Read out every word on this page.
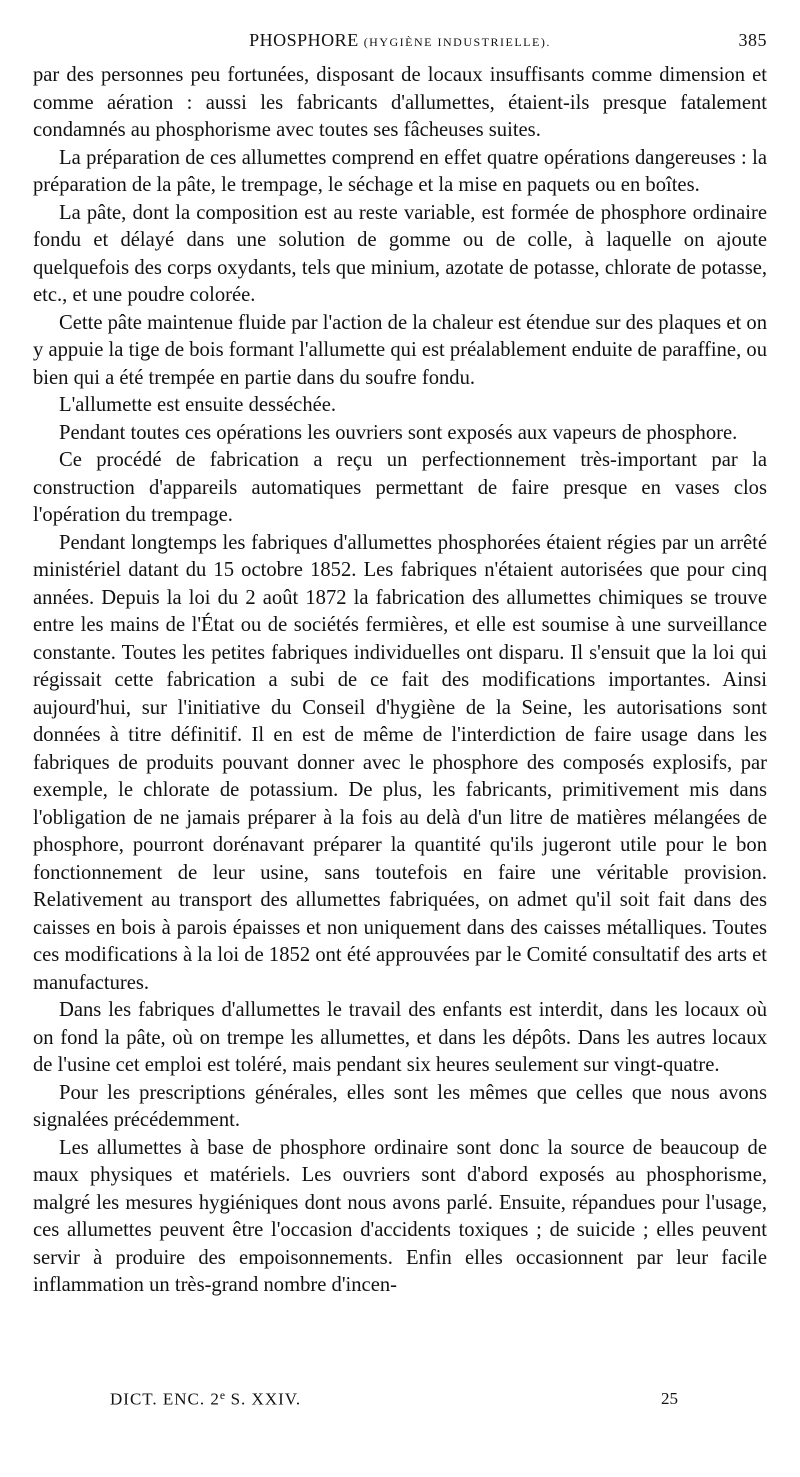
PHOSPHORE (HYGIÈNE INDUSTRIELLE).	385

par des personnes peu fortunées, disposant de locaux insuffisants comme dimension et comme aération : aussi les fabricants d'allumettes, étaient-ils presque fatalement condamnés au phosphorisme avec toutes ses fâcheuses suites.

La préparation de ces allumettes comprend en effet quatre opérations dangereuses : la préparation de la pâte, le trempage, le séchage et la mise en paquets ou en boîtes.

La pâte, dont la composition est au reste variable, est formée de phosphore ordinaire fondu et délayé dans une solution de gomme ou de colle, à laquelle on ajoute quelquefois des corps oxydants, tels que minium, azotate de potasse, chlorate de potasse, etc., et une poudre colorée.

Cette pâte maintenue fluide par l'action de la chaleur est étendue sur des plaques et on y appuie la tige de bois formant l'allumette qui est préalablement enduite de paraffine, ou bien qui a été trempée en partie dans du soufre fondu.

L'allumette est ensuite desséchée.

Pendant toutes ces opérations les ouvriers sont exposés aux vapeurs de phosphore.

Ce procédé de fabrication a reçu un perfectionnement très-important par la construction d'appareils automatiques permettant de faire presque en vases clos l'opération du trempage.

Pendant longtemps les fabriques d'allumettes phosphorées étaient régies par un arrêté ministériel datant du 15 octobre 1852. Les fabriques n'étaient autorisées que pour cinq années. Depuis la loi du 2 août 1872 la fabrication des allumettes chimiques se trouve entre les mains de l'État ou de sociétés fermières, et elle est soumise à une surveillance constante. Toutes les petites fabriques individuelles ont disparu. Il s'ensuit que la loi qui régissait cette fabrication a subi de ce fait des modifications importantes. Ainsi aujourd'hui, sur l'initiative du Conseil d'hygiène de la Seine, les autorisations sont données à titre définitif. Il en est de même de l'interdiction de faire usage dans les fabriques de produits pouvant donner avec le phosphore des composés explosifs, par exemple, le chlorate de potassium. De plus, les fabricants, primitivement mis dans l'obligation de ne jamais préparer à la fois au delà d'un litre de matières mélangées de phosphore, pourront dorénavant préparer la quantité qu'ils jugeront utile pour le bon fonctionnement de leur usine, sans toutefois en faire une véritable provision. Relativement au transport des allumettes fabriquées, on admet qu'il soit fait dans des caisses en bois à parois épaisses et non uniquement dans des caisses métalliques. Toutes ces modifications à la loi de 1852 ont été approuvées par le Comité consultatif des arts et manufactures.

Dans les fabriques d'allumettes le travail des enfants est interdit, dans les locaux où on fond la pâte, où on trempe les allumettes, et dans les dépôts. Dans les autres locaux de l'usine cet emploi est toléré, mais pendant six heures seulement sur vingt-quatre.

Pour les prescriptions générales, elles sont les mêmes que celles que nous avons signalées précédemment.

Les allumettes à base de phosphore ordinaire sont donc la source de beaucoup de maux physiques et matériels. Les ouvriers sont d'abord exposés au phosphorisme, malgré les mesures hygiéniques dont nous avons parlé. Ensuite, répandues pour l'usage, ces allumettes peuvent être l'occasion d'accidents toxiques ; de suicide ; elles peuvent servir à produire des empoisonnements. Enfin elles occasionnent par leur facile inflammation un très-grand nombre d'incen-

DICT. ENC. 2e S. XXIV.	25
